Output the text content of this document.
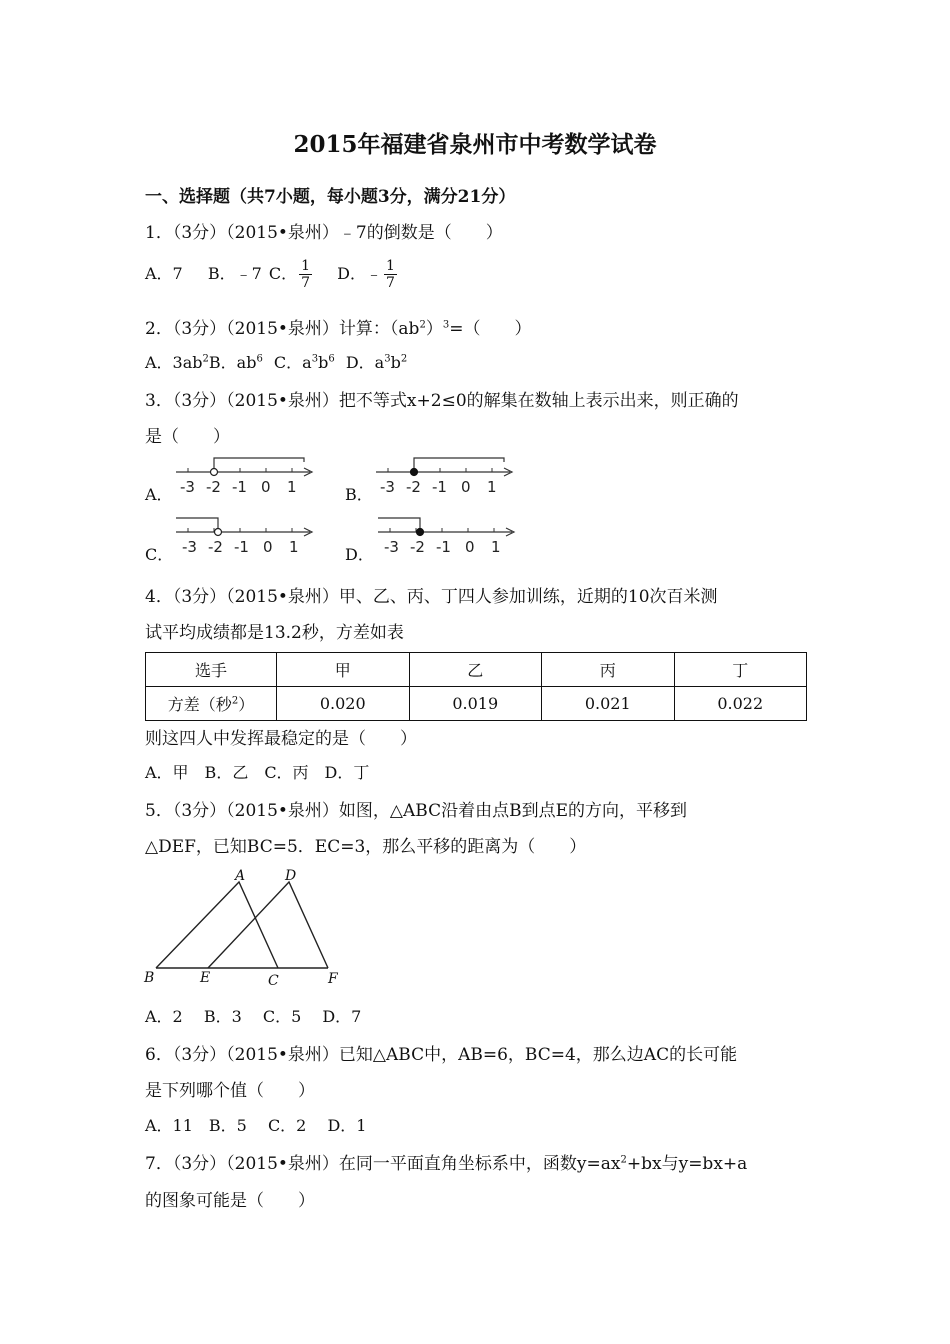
2015年福建省泉州市中考数学试卷
一、选择题（共7小题，每小题3分，满分21分）
1．（3分）（2015•泉州）﹣7的倒数是（　　）
A．7 B．﹣7 C． $\frac{1}{7}$ D．﹣ $\frac{1}{7}$
2．（3分）（2015•泉州）计算：$(ab^2)^3=$（　　）
A．$3ab^2B$．$ab^6$ C．$a^3b^6$ D．$a^3b^2$
3．（3分）（2015•泉州）把不等式x+2≤0的解集在数轴上表示出来，则正确的
是（　　）
A．	B．
C．	D．
-3 -2 -1 0 1	-3 -2 -1 0 1
-3 -2 -1 0 1	-3 -2 -1 0 1
4．（3分）（2015•泉州）甲、乙、丙、丁四人参加训练，近期的10次百米测
试平均成绩都是13.2秒，方差如表
选手	甲	乙	丙	丁
方差（秒$^2$）	0.020	0.019	0.021	0.022
则这四人中发挥最稳定的是（　　）
A．甲　B．乙　C．丙　D．丁
5．（3分）（2015•泉州）如图，△ABC沿着由点B到点E的方向，平移到
△DEF，已知BC=5．EC=3，那么平移的距离为（　　）
A	D
B	E	C	F
A．2　 B．3　 C．5　 D．7
6．（3分）（2015•泉州）已知△ABC中，AB=6，BC=4，那么边AC的长可能
是下列哪个值（　　）
A．11　B．5　 C．2　 D．1
7．（3分）（2015•泉州）在同一平面直角坐标系中，函数$y=ax^2+bx$与y=bx+a
的图象可能是（　　）
